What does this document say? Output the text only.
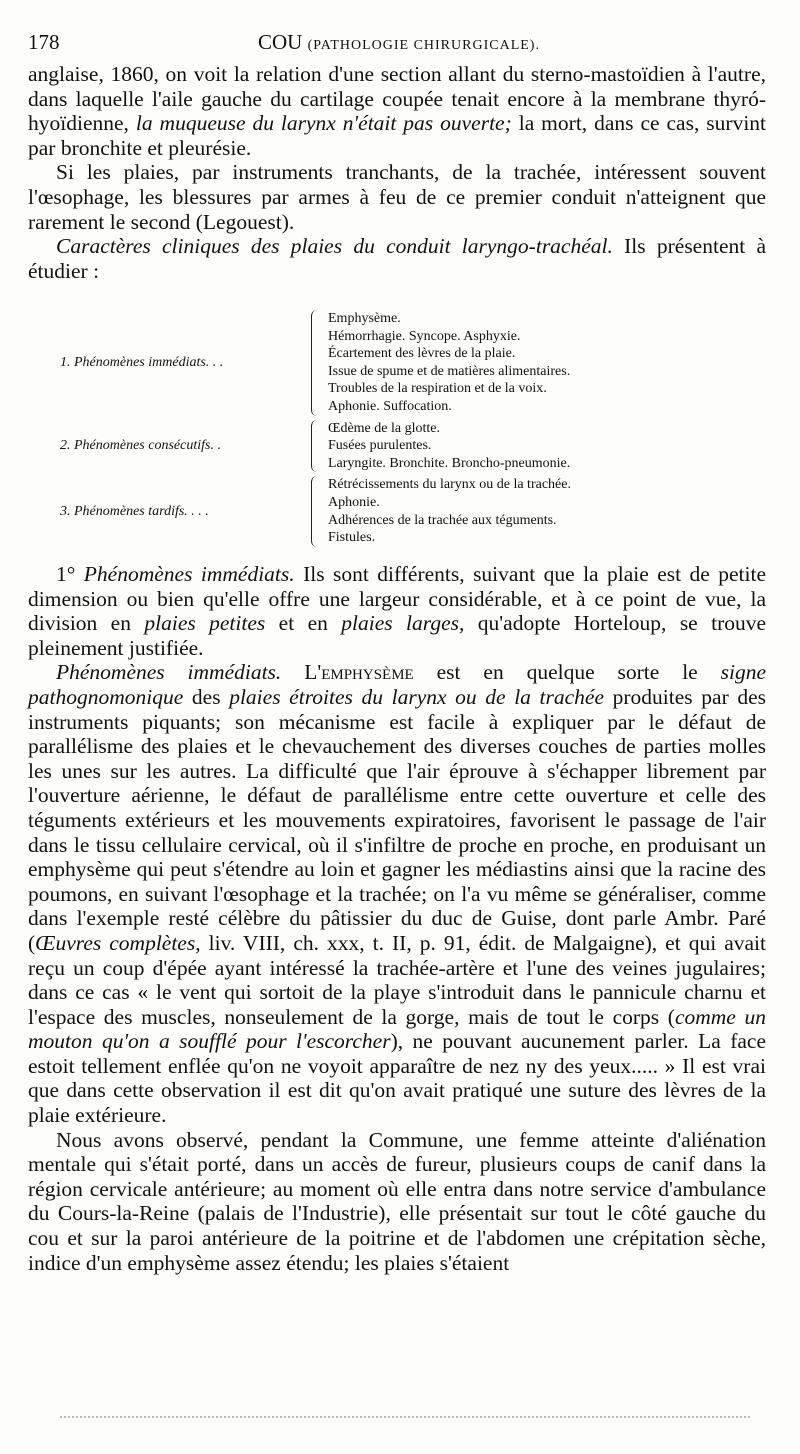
178	COU (PATHOLOGIE CHIRURGICALE).

anglaise, 1860, on voit la relation d'une section allant du sterno-mastoïdien à l'autre, dans laquelle l'aile gauche du cartilage coupée tenait encore à la membrane thyró-hyoïdienne, la muqueuse du larynx n'était pas ouverte; la mort, dans ce cas, survint par bronchite et pleurésie.

Si les plaies, par instruments tranchants, de la trachée, intéressent souvent l'œsophage, les blessures par armes à feu de ce premier conduit n'atteignent que rarement le second (Legouest).

Caractères cliniques des plaies du conduit laryngo-trachéal. Ils présentent à étudier :

1. Phénomènes immédiats. . .
Emphysème.
Hémorrhagie. Syncope. Asphyxie.
Écartement des lèvres de la plaie.
Issue de spume et de matières alimentaires.
Troubles de la respiration et de la voix.
Aphonie. Suffocation.
2. Phénomènes consécutifs. .
Œdème de la glotte.
Fusées purulentes.
Laryngite. Bronchite. Broncho-pneumonie.
3. Phénomènes tardifs. . . .
Rétrécissements du larynx ou de la trachée.
Aphonie.
Adhérences de la trachée aux téguments.
Fistules.

1° Phénomènes immédiats. Ils sont différents, suivant que la plaie est de petite dimension ou bien qu'elle offre une largeur considérable, et à ce point de vue, la division en plaies petites et en plaies larges, qu'adopte Horteloup, se trouve pleinement justifiée.

Phénomènes immédiats. L'emphysème est en quelque sorte le signe pathognomonique des plaies étroites du larynx ou de la trachée produites par des instruments piquants; son mécanisme est facile à expliquer par le défaut de parallélisme des plaies et le chevauchement des diverses couches de parties molles les unes sur les autres. La difficulté que l'air éprouve à s'échapper librement par l'ouverture aérienne, le défaut de parallélisme entre cette ouverture et celle des téguments extérieurs et les mouvements expiratoires, favorisent le passage de l'air dans le tissu cellulaire cervical, où il s'infiltre de proche en proche, en produisant un emphysème qui peut s'étendre au loin et gagner les médiastins ainsi que la racine des poumons, en suivant l'œsophage et la trachée; on l'a vu même se généraliser, comme dans l'exemple resté célèbre du pâtissier du duc de Guise, dont parle Ambr. Paré (Œuvres complètes, liv. VIII, ch. xxx, t. II, p. 91, édit. de Malgaigne), et qui avait reçu un coup d'épée ayant intéressé la trachée-artère et l'une des veines jugulaires; dans ce cas « le vent qui sortoit de la playe s'introduit dans le pannicule charnu et l'espace des muscles, nonseulement de la gorge, mais de tout le corps (comme un mouton qu'on a soufflé pour l'escorcher), ne pouvant aucunement parler. La face estoit tellement enflée qu'on ne voyoit apparaître de nez ny des yeux..... » Il est vrai que dans cette observation il est dit qu'on avait pratiqué une suture des lèvres de la plaie extérieure.

Nous avons observé, pendant la Commune, une femme atteinte d'aliénation mentale qui s'était porté, dans un accès de fureur, plusieurs coups de canif dans la région cervicale antérieure; au moment où elle entra dans notre service d'ambulance du Cours-la-Reine (palais de l'Industrie), elle présentait sur tout le côté gauche du cou et sur la paroi antérieure de la poitrine et de l'abdomen une crépitation sèche, indice d'un emphysème assez étendu; les plaies s'étaient
